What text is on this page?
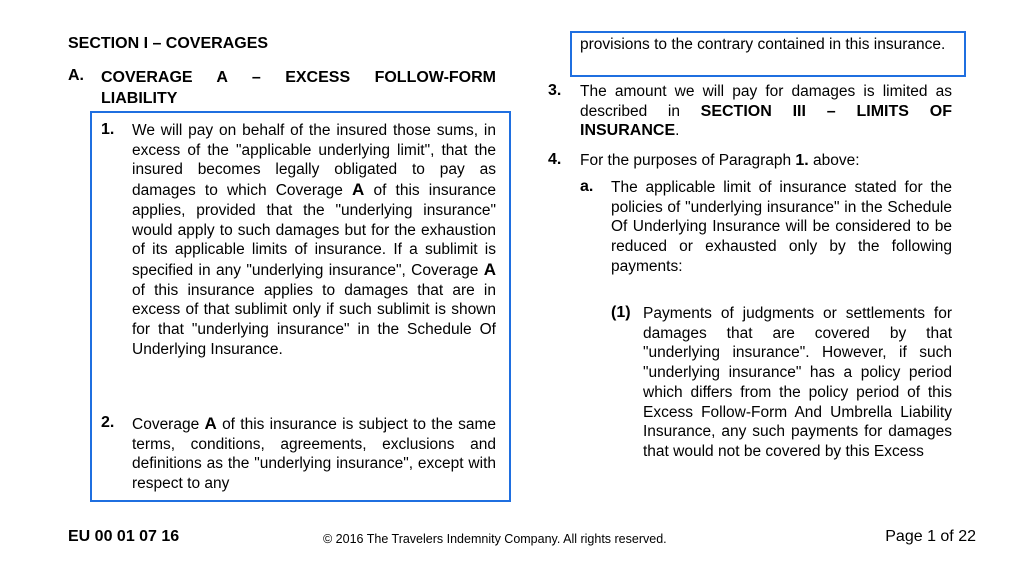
SECTION I – COVERAGES
A. COVERAGE A – EXCESS FOLLOW-FORM
LIABILITY
1. We will pay on behalf of the insured those sums, in excess of the "applicable underlying limit", that the insured becomes legally obligated to pay as damages to which Coverage A of this insurance applies, provided that the "underlying insurance" would apply to such damages but for the exhaustion of its applicable limits of insurance. If a sublimit is specified in any "underlying insurance", Coverage A of this insurance applies to damages that are in excess of that sublimit only if such sublimit is shown for that "underlying insurance" in the Schedule Of Underlying Insurance.
2. Coverage A of this insurance is subject to the same terms, conditions, agreements, exclusions and definitions as the "underlying insurance", except with respect to any
provisions to the contrary contained in this insurance.
3. The amount we will pay for damages is limited as described in SECTION III – LIMITS OF INSURANCE.
4. For the purposes of Paragraph 1. above:
a. The applicable limit of insurance stated for the policies of "underlying insurance" in the Schedule Of Underlying Insurance will be considered to be reduced or exhausted only by the following payments:
(1) Payments of judgments or settlements for damages that are covered by that "underlying insurance". However, if such "underlying insurance" has a policy period which differs from the policy period of this Excess Follow-Form And Umbrella Liability Insurance, any such payments for damages that would not be covered by this Excess
EU 00 01 07 16	© 2016 The Travelers Indemnity Company. All rights reserved.	Page 1 of 22
